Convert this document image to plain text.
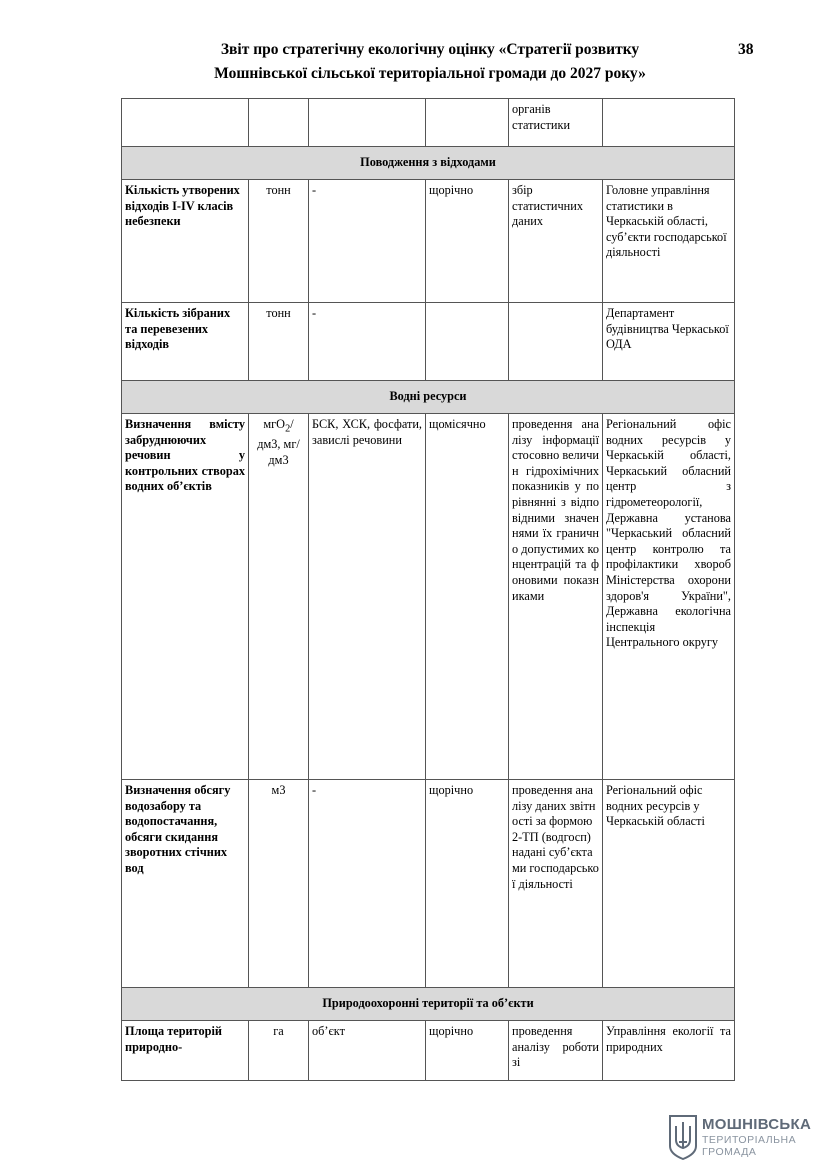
Звіт про стратегічну екологічну оцінку «Стратегії розвитку
Мошнівської сільської територіальної громади до 2027 року»
38
				органів статистики	
Поводження з відходами					
Кількість утворених відходів І-IV класів небезпеки	тонн	-	щорічно	збір статистичних даних	Головне управління статистики в Черкаській області, суб’єкти господарської діяльності
Кількість зібраних та перевезених відходів	тонн	-			Департамент будівництва Черкаської ОДА
Водні ресурси					
Визначення вмісту забруднюючих речовин у контрольних створах водних об’єктів	мгО$_2$/дм3, мг/дм3	БСК, ХСК, фосфати, завислі речовини	щомісячно	проведення аналізу інформації стосовно величин гідрохімічних показників у порівнянні з відповідними значеннями їх гранично допустимих концентрацій та фоновими показниками	Регіональний офіс водних ресурсів у Черкаській області, Черкаський обласний центр з гідрометеорології, Державна установа "Черкаський обласний центр контролю та профілактики хвороб Міністерства охорони здоров'я України", Державна екологічна інспекція Центрального округу
Визначення обсягу водозабору та водопостачання, обсяги скидання зворотних стічних вод	м3	-	щорічно	проведення аналізу даних звітності за формою 2-ТП (водгосп) надані суб’єктами господарської діяльності	Регіональний офіс водних ресурсів у Черкаській області
Природоохоронні території та об’єкти					
Площа територій природно-	га	об’єкт	щорічно	проведення аналізу роботи зі	Управління екології та природних
МОШНІВСЬКА
ТЕРИТОРІАЛЬНА
ГРОМАДА
